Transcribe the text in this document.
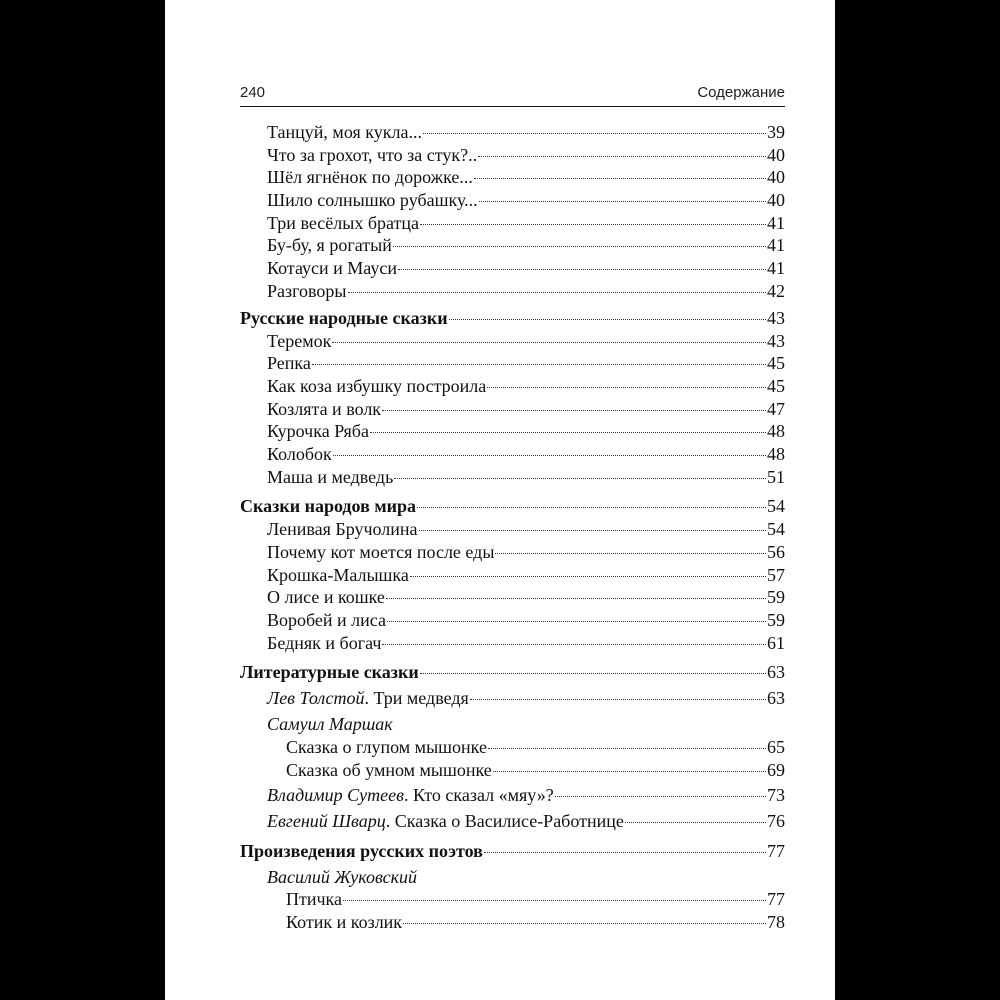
240	Содержание
Танцуй, моя кукла...	39
Что за грохот, что за стук?..	40
Шёл ягнёнок по дорожке...	40
Шило солнышко рубашку...	40
Три весёлых братца	41
Бу-бу, я рогатый	41
Котауси и Мауси	41
Разговоры	42
Русские народные сказки	43
Теремок	43
Репка	45
Как коза избушку построила	45
Козлята и волк	47
Курочка Ряба	48
Колобок	48
Маша и медведь	51
Сказки народов мира	54
Ленивая Бручолина	54
Почему кот моется после еды	56
Крошка-Малышка	57
О лисе и кошке	59
Воробей и лиса	59
Бедняк и богач	61
Литературные сказки	63
Лев Толстой. Три медведя	63
Самуил Маршак
Сказка о глупом мышонке	65
Сказка об умном мышонке	69
Владимир Сутеев. Кто сказал «мяу»?	73
Евгений Шварц. Сказка о Василисе-Работнице	76
Произведения русских поэтов	77
Василий Жуковский
Птичка	77
Котик и козлик	78
